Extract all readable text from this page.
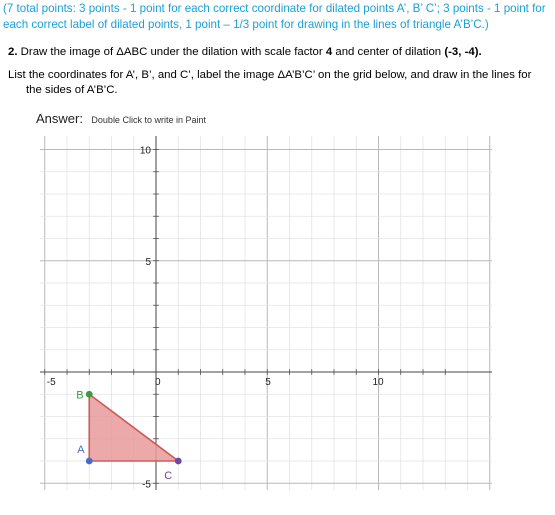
(7 total points: 3 points - 1 point for each correct coordinate for dilated points A’, B’ C’; 3 points - 1 point for each correct label of dilated points, 1 point – 1/3 point for drawing in the lines of triangle A’B’C.)

2. Draw the image of ΔABC under the dilation with scale factor 4 and center of dilation (-3, -4).

List the coordinates for A’, B’, and C’, label the image ΔA’B’C’ on the grid below, and draw in the lines for
the sides of A’B’C.

Answer: Double Click to write in Paint
-5	0	5	10
10
5
-5
A
B
C
